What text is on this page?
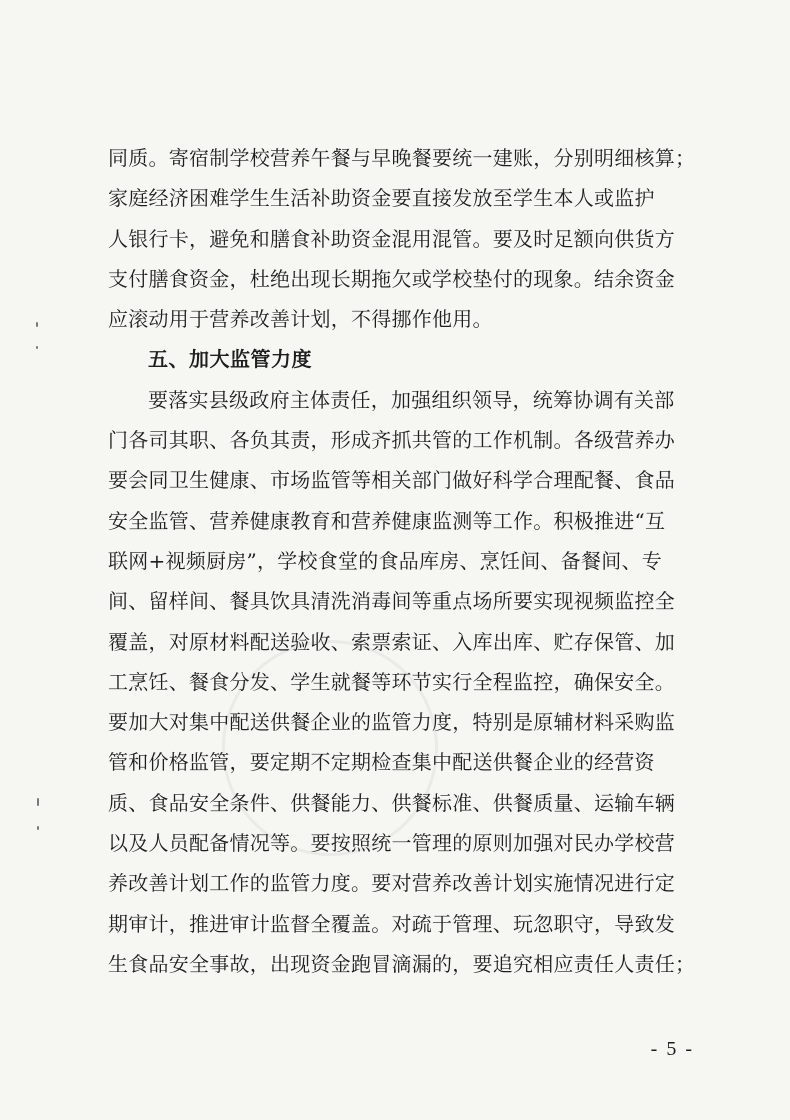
同质。寄宿制学校营养午餐与早晚餐要统一建账，分别明细核算；
家庭经济困难学生生活补助资金要直接发放至学生本人或监护
人银行卡，避免和膳食补助资金混用混管。要及时足额向供货方
支付膳食资金，杜绝出现长期拖欠或学校垫付的现象。结余资金
应滚动用于营养改善计划，不得挪作他用。
五、加大监管力度
要落实县级政府主体责任，加强组织领导，统筹协调有关部
门各司其职、各负其责，形成齐抓共管的工作机制。各级营养办
要会同卫生健康、市场监管等相关部门做好科学合理配餐、食品
安全监管、营养健康教育和营养健康监测等工作。积极推进“互
联网+视频厨房”，学校食堂的食品库房、烹饪间、备餐间、专
间、留样间、餐具饮具清洗消毒间等重点场所要实现视频监控全
覆盖，对原材料配送验收、索票索证、入库出库、贮存保管、加
工烹饪、餐食分发、学生就餐等环节实行全程监控，确保安全。
要加大对集中配送供餐企业的监管力度，特别是原辅材料采购监
管和价格监管，要定期不定期检查集中配送供餐企业的经营资
质、食品安全条件、供餐能力、供餐标准、供餐质量、运输车辆
以及人员配备情况等。要按照统一管理的原则加强对民办学校营
养改善计划工作的监管力度。要对营养改善计划实施情况进行定
期审计，推进审计监督全覆盖。对疏于管理、玩忽职守，导致发
生食品安全事故，出现资金跑冒滴漏的，要追究相应责任人责任；
- 5 -
